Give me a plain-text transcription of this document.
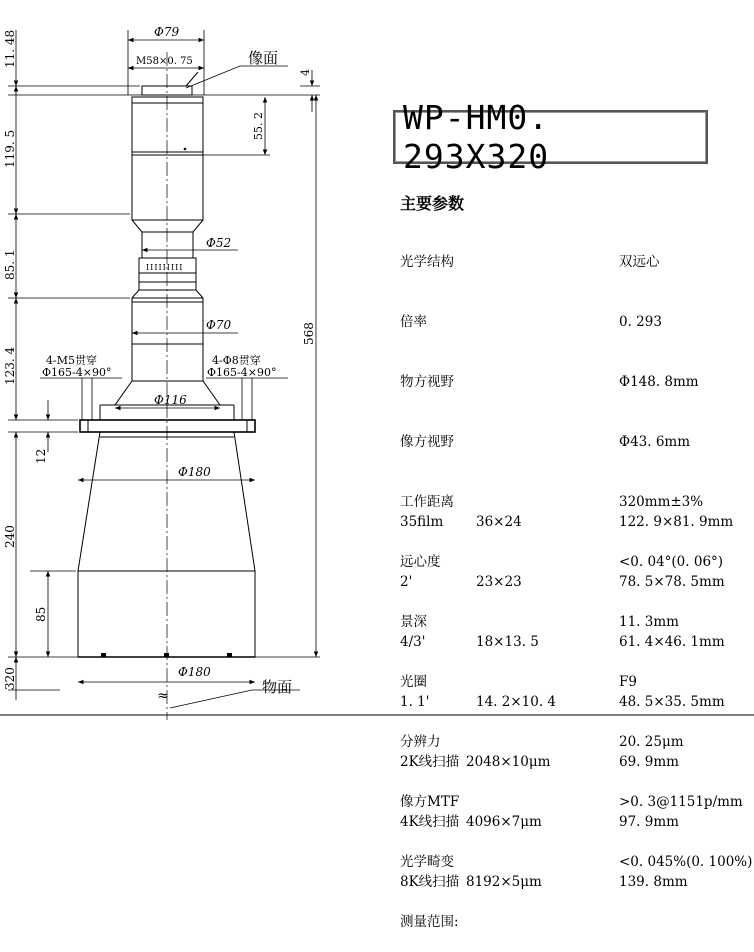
IIIIIIIII
Φ79
M58×0. 75	像面
4
55. 2
Φ52
Φ70	568
4-M5贯穿
Φ165-4×90°
4-Φ8贯穿
Φ165-4×90°
Φ116
Φ180
Φ180
物面
≈
11. 48
119. 5
85. 1
123. 4
12
240
85
320
WP-HM0. 293X320
主要参数

光学结构

倍率

物方视野

像方视野

工作距离

远心度

景深

光圈

分辨力

像方MTF

光学畸变

测量范围:

双远心

0. 293

Φ148. 8mm

Φ43. 6mm

320mm±3%

<0. 04°(0. 06°)

11. 3mm

F9

20. 25μm

>0. 3@1151p/mm

<0. 045%(0. 100%)

35film

2'

4/3'

1. 1'

2K线扫描

4K线扫描

8K线扫描

36×24

23×23

18×13. 5

14. 2×10. 4

2048×10μm

4096×7μm

8192×5μm

122. 9×81. 9mm

78. 5×78. 5mm

61. 4×46. 1mm

48. 5×35. 5mm

69. 9mm

97. 9mm

139. 8mm
